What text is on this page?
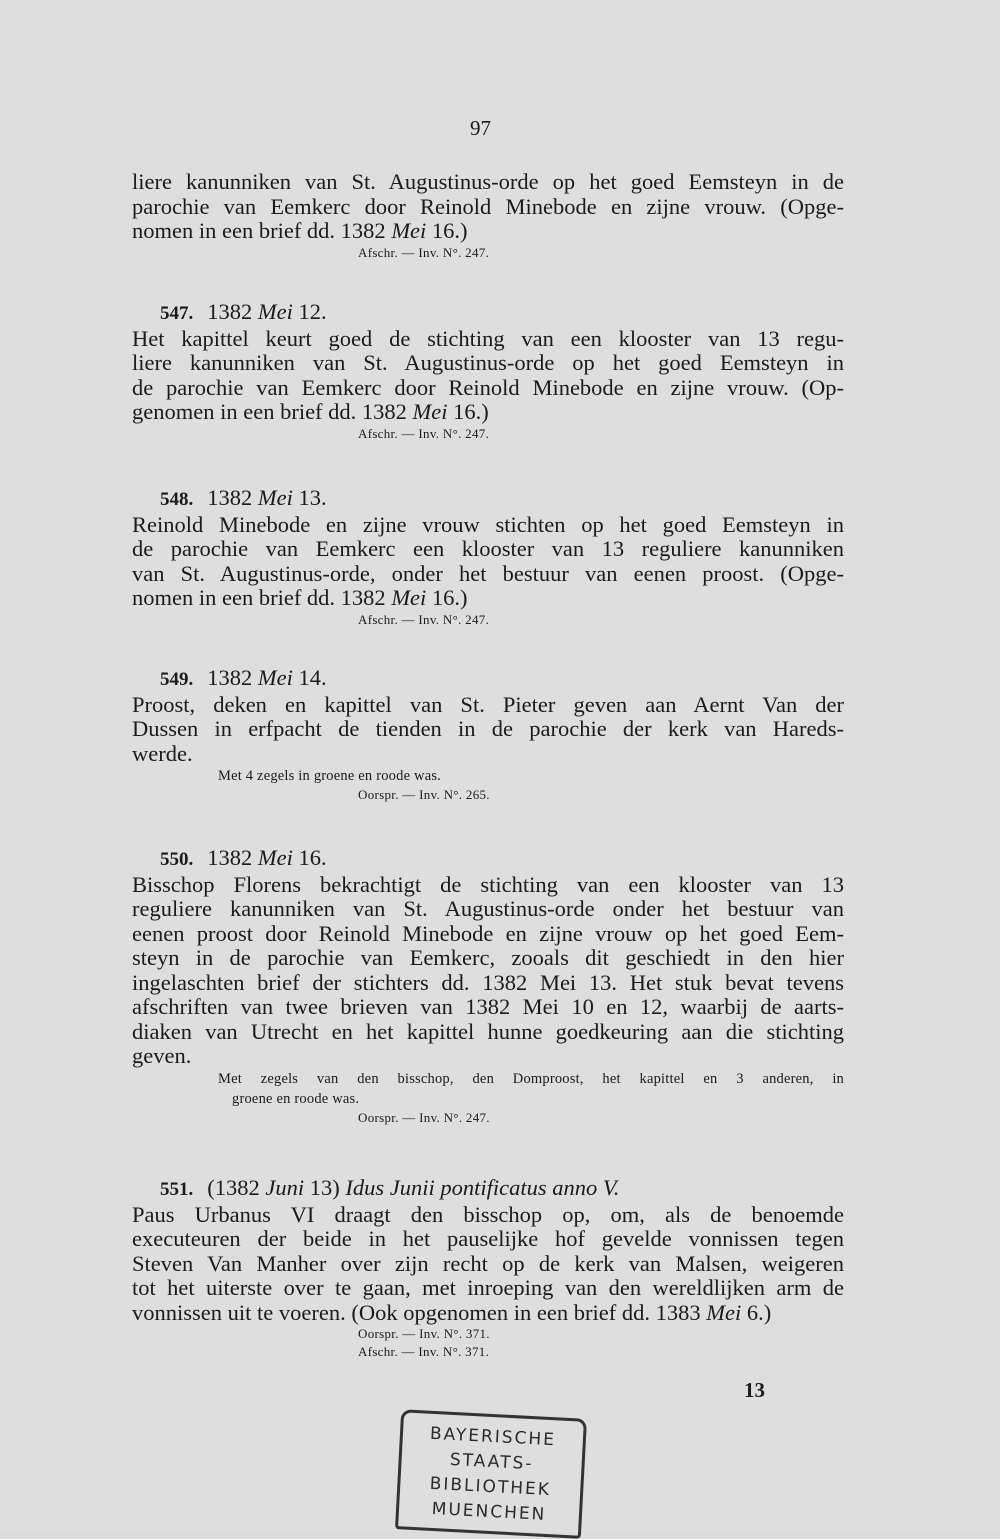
97
liere kanunniken van St. Augustinus-orde op het goed Eemsteyn in de
parochie van Eemkerc door Reinold Minebode en zijne vrouw. (Opge-
nomen in een brief dd. 1382 Mei 16.)
Afschr. — Inv. N°. 247.
547. 1382 Mei 12.
Het kapittel keurt goed de stichting van een klooster van 13 regu-
liere kanunniken van St. Augustinus-orde op het goed Eemsteyn in
de parochie van Eemkerc door Reinold Minebode en zijne vrouw. (Op-
genomen in een brief dd. 1382 Mei 16.)
Afschr. — Inv. N°. 247.
548. 1382 Mei 13.
Reinold Minebode en zijne vrouw stichten op het goed Eemsteyn in
de parochie van Eemkerc een klooster van 13 reguliere kanunniken
van St. Augustinus-orde, onder het bestuur van eenen proost. (Opge-
nomen in een brief dd. 1382 Mei 16.)
Afschr. — Inv. N°. 247.
549. 1382 Mei 14.
Proost, deken en kapittel van St. Pieter geven aan Aernt Van der
Dussen in erfpacht de tienden in de parochie der kerk van Hareds-
werde.
Met 4 zegels in groene en roode was.
Oorspr. — Inv. N°. 265.
550. 1382 Mei 16.
Bisschop Florens bekrachtigt de stichting van een klooster van 13
reguliere kanunniken van St. Augustinus-orde onder het bestuur van
eenen proost door Reinold Minebode en zijne vrouw op het goed Eem-
steyn in de parochie van Eemkerc, zooals dit geschiedt in den hier
ingelaschten brief der stichters dd. 1382 Mei 13. Het stuk bevat tevens
afschriften van twee brieven van 1382 Mei 10 en 12, waarbij de aarts-
diaken van Utrecht en het kapittel hunne goedkeuring aan die stichting
geven.
Met zegels van den bisschop, den Domproost, het kapittel en 3 anderen, in
groene en roode was.
Oorspr. — Inv. N°. 247.
551. (1382 Juni 13) Idus Junii pontificatus anno V.
Paus Urbanus VI draagt den bisschop op, om, als de benoemde
executeuren der beide in het pauselijke hof gevelde vonnissen tegen
Steven Van Manher over zijn recht op de kerk van Malsen, weigeren
tot het uiterste over te gaan, met inroeping van den wereldlijken arm de
vonnissen uit te voeren. (Ook opgenomen in een brief dd. 1383 Mei 6.)
Oorspr. — Inv. N°. 371.
Afschr. — Inv. N°. 371.
13
BAYERISCHE
STAATS-
BIBLIOTHEK
MUENCHEN
